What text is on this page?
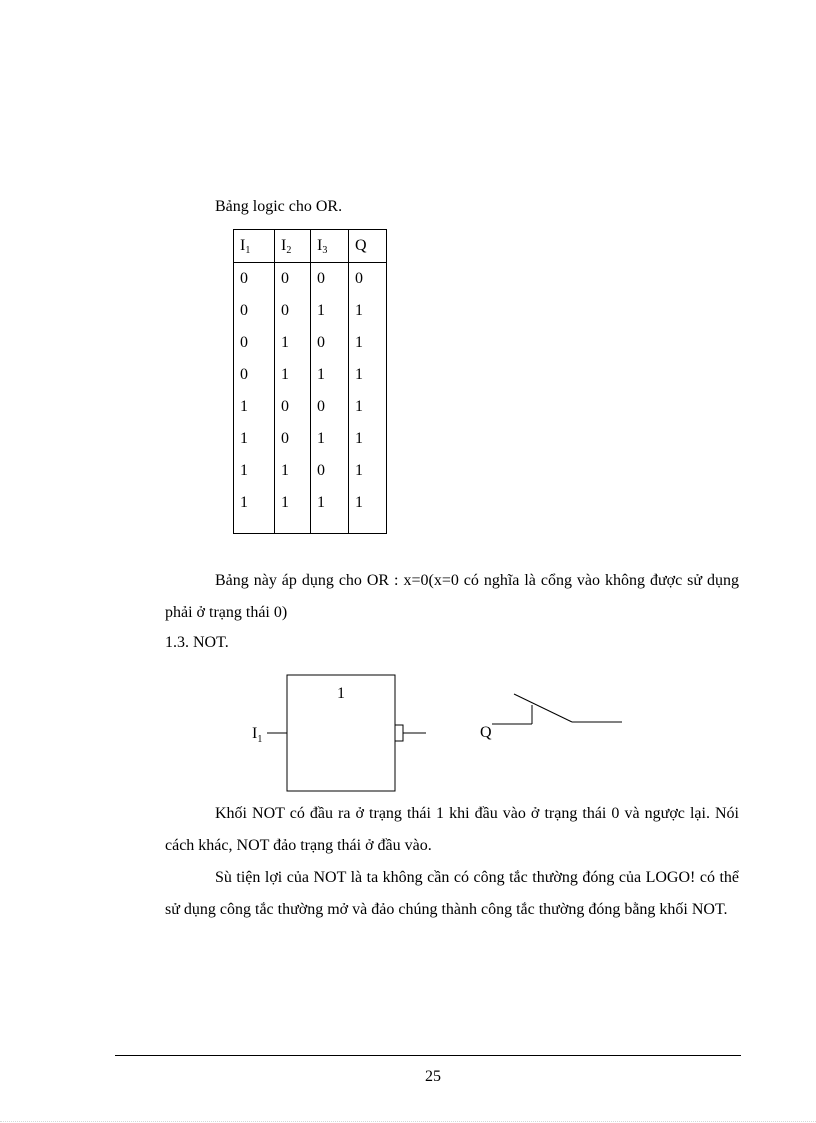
Bảng logic cho OR.
$I_1$	$I_2$	$I_3$	Q
0	0	0	0
0	0	1	1
0	1	0	1
0	1	1	1
1	0	0	1
1	0	1	1
1	1	0	1
1	1	1	1
Bảng này áp dụng cho OR : x=0(x=0 có nghĩa là cổng vào không được sử dụng phải ở trạng thái 0)
1.3. NOT.
1
$I_1$	Q
Khối NOT có đầu ra ở trạng thái 1 khi đầu vào ở trạng thái 0 và ngược lại. Nói cách khác, NOT đảo trạng thái ở đầu vào.
Sù tiện lợi của NOT là ta không cần có công tắc thường đóng của LOGO! có thể sử dụng công tắc thường mở và đảo chúng thành công tắc thường đóng bằng khối NOT.
25
